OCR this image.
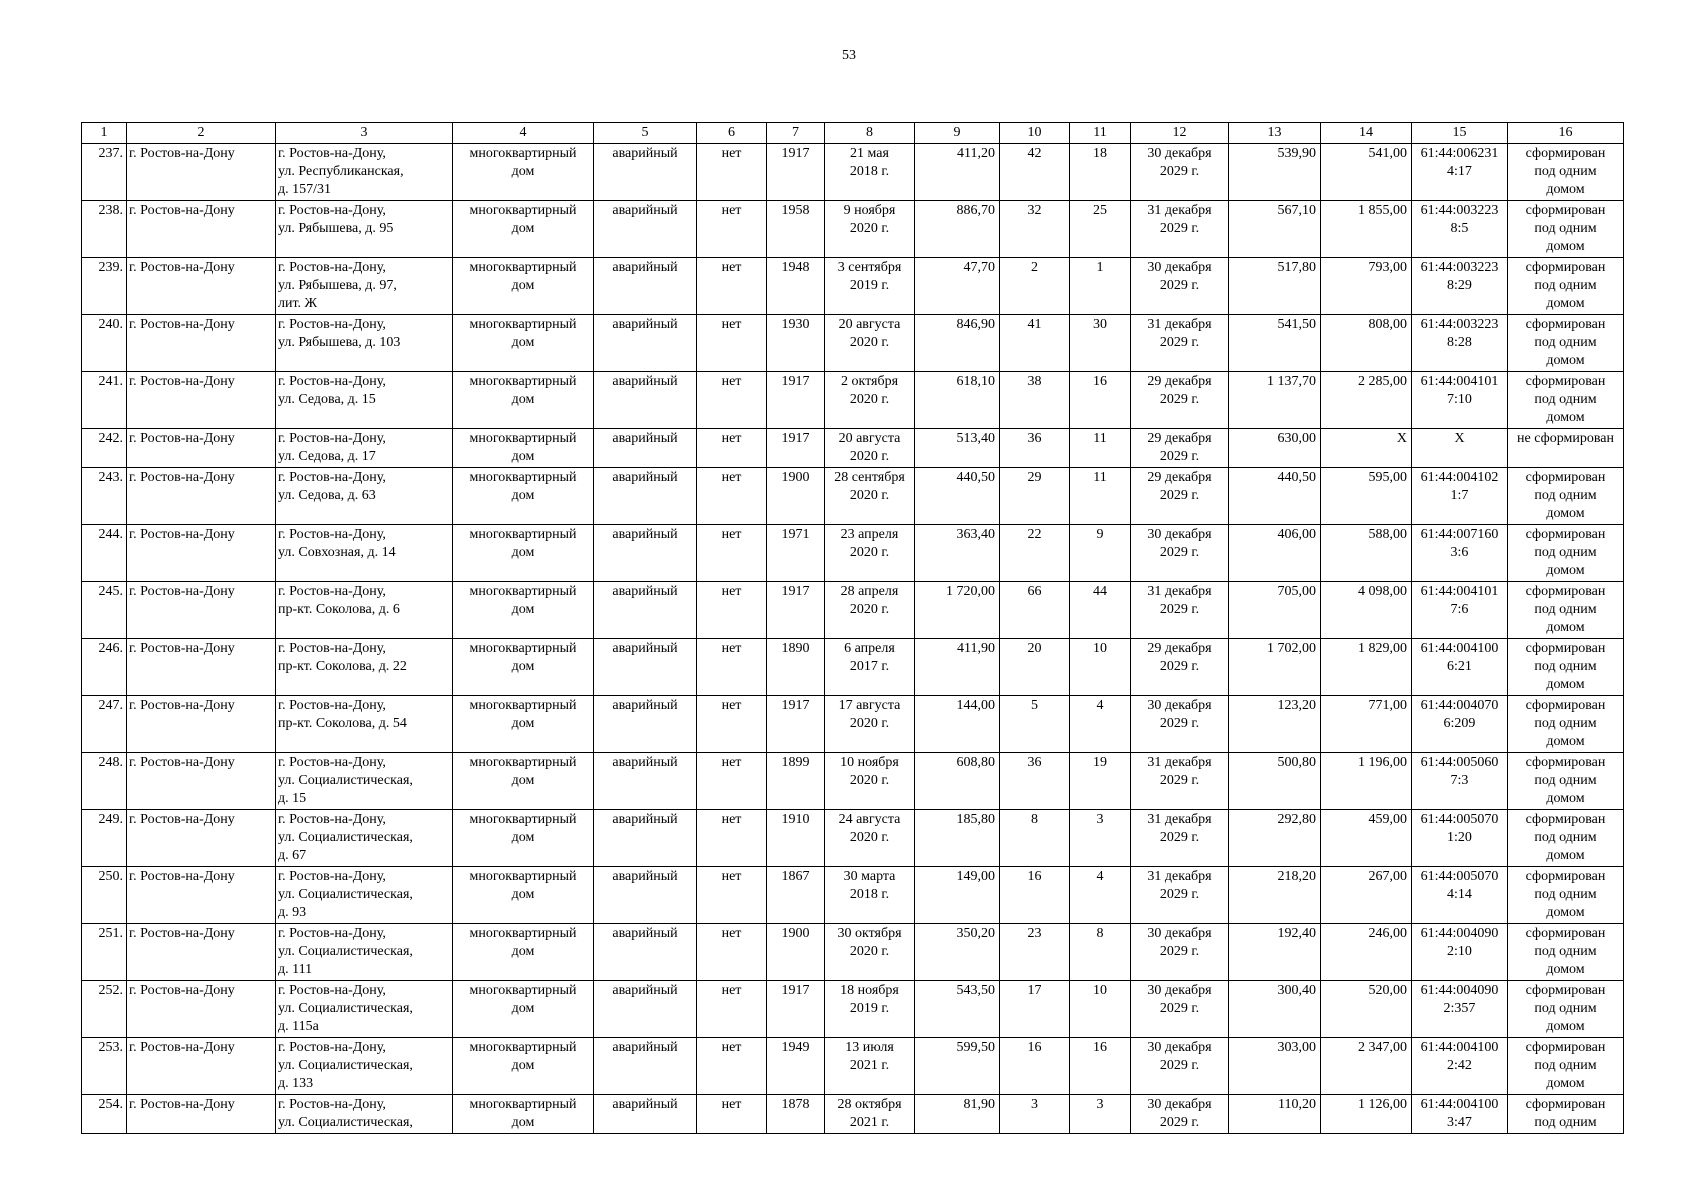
53
1	2	3	4	5	6	7	8	9	10	11	12	13	14	15	16
237.	г. Ростов-на-Дону	г. Ростов-на-Дону,
ул. Республиканская,
д. 157/31	многоквартирный
дом	аварийный	нет	1917	21 мая
2018 г.	411,20	42	18	30 декабря
2029 г.	539,90	541,00	61:44:006231
4:17	сформирован
под одним
домом
238.	г. Ростов-на-Дону	г. Ростов-на-Дону,
ул. Рябышева, д. 95	многоквартирный
дом	аварийный	нет	1958	9 ноября
2020 г.	886,70	32	25	31 декабря
2029 г.	567,10	1 855,00	61:44:003223
8:5	сформирован
под одним
домом
239.	г. Ростов-на-Дону	г. Ростов-на-Дону,
ул. Рябышева, д. 97,
лит. Ж	многоквартирный
дом	аварийный	нет	1948	3 сентября
2019 г.	47,70	2	1	30 декабря
2029 г.	517,80	793,00	61:44:003223
8:29	сформирован
под одним
домом
240.	г. Ростов-на-Дону	г. Ростов-на-Дону,
ул. Рябышева, д. 103	многоквартирный
дом	аварийный	нет	1930	20 августа
2020 г.	846,90	41	30	31 декабря
2029 г.	541,50	808,00	61:44:003223
8:28	сформирован
под одним
домом
241.	г. Ростов-на-Дону	г. Ростов-на-Дону,
ул. Седова, д. 15	многоквартирный
дом	аварийный	нет	1917	2 октября
2020 г.	618,10	38	16	29 декабря
2029 г.	1 137,70	2 285,00	61:44:004101
7:10	сформирован
под одним
домом
242.	г. Ростов-на-Дону	г. Ростов-на-Дону,
ул. Седова, д. 17	многоквартирный
дом	аварийный	нет	1917	20 августа
2020 г.	513,40	36	11	29 декабря
2029 г.	630,00	X	X	не сформирован
243.	г. Ростов-на-Дону	г. Ростов-на-Дону,
ул. Седова, д. 63	многоквартирный
дом	аварийный	нет	1900	28 сентября
2020 г.	440,50	29	11	29 декабря
2029 г.	440,50	595,00	61:44:004102
1:7	сформирован
под одним
домом
244.	г. Ростов-на-Дону	г. Ростов-на-Дону,
ул. Совхозная, д. 14	многоквартирный
дом	аварийный	нет	1971	23 апреля
2020 г.	363,40	22	9	30 декабря
2029 г.	406,00	588,00	61:44:007160
3:6	сформирован
под одним
домом
245.	г. Ростов-на-Дону	г. Ростов-на-Дону,
пр-кт. Соколова, д. 6	многоквартирный
дом	аварийный	нет	1917	28 апреля
2020 г.	1 720,00	66	44	31 декабря
2029 г.	705,00	4 098,00	61:44:004101
7:6	сформирован
под одним
домом
246.	г. Ростов-на-Дону	г. Ростов-на-Дону,
пр-кт. Соколова, д. 22	многоквартирный
дом	аварийный	нет	1890	6 апреля
2017 г.	411,90	20	10	29 декабря
2029 г.	1 702,00	1 829,00	61:44:004100
6:21	сформирован
под одним
домом
247.	г. Ростов-на-Дону	г. Ростов-на-Дону,
пр-кт. Соколова, д. 54	многоквартирный
дом	аварийный	нет	1917	17 августа
2020 г.	144,00	5	4	30 декабря
2029 г.	123,20	771,00	61:44:004070
6:209	сформирован
под одним
домом
248.	г. Ростов-на-Дону	г. Ростов-на-Дону,
ул. Социалистическая,
д. 15	многоквартирный
дом	аварийный	нет	1899	10 ноября
2020 г.	608,80	36	19	31 декабря
2029 г.	500,80	1 196,00	61:44:005060
7:3	сформирован
под одним
домом
249.	г. Ростов-на-Дону	г. Ростов-на-Дону,
ул. Социалистическая,
д. 67	многоквартирный
дом	аварийный	нет	1910	24 августа
2020 г.	185,80	8	3	31 декабря
2029 г.	292,80	459,00	61:44:005070
1:20	сформирован
под одним
домом
250.	г. Ростов-на-Дону	г. Ростов-на-Дону,
ул. Социалистическая,
д. 93	многоквартирный
дом	аварийный	нет	1867	30 марта
2018 г.	149,00	16	4	31 декабря
2029 г.	218,20	267,00	61:44:005070
4:14	сформирован
под одним
домом
251.	г. Ростов-на-Дону	г. Ростов-на-Дону,
ул. Социалистическая,
д. 111	многоквартирный
дом	аварийный	нет	1900	30 октября
2020 г.	350,20	23	8	30 декабря
2029 г.	192,40	246,00	61:44:004090
2:10	сформирован
под одним
домом
252.	г. Ростов-на-Дону	г. Ростов-на-Дону,
ул. Социалистическая,
д. 115а	многоквартирный
дом	аварийный	нет	1917	18 ноября
2019 г.	543,50	17	10	30 декабря
2029 г.	300,40	520,00	61:44:004090
2:357	сформирован
под одним
домом
253.	г. Ростов-на-Дону	г. Ростов-на-Дону,
ул. Социалистическая,
д. 133	многоквартирный
дом	аварийный	нет	1949	13 июля
2021 г.	599,50	16	16	30 декабря
2029 г.	303,00	2 347,00	61:44:004100
2:42	сформирован
под одним
домом
254.	г. Ростов-на-Дону	г. Ростов-на-Дону,
ул. Социалистическая,	многоквартирный
дом	аварийный	нет	1878	28 октября
2021 г.	81,90	3	3	30 декабря
2029 г.	110,20	1 126,00	61:44:004100
3:47	сформирован
под одним
